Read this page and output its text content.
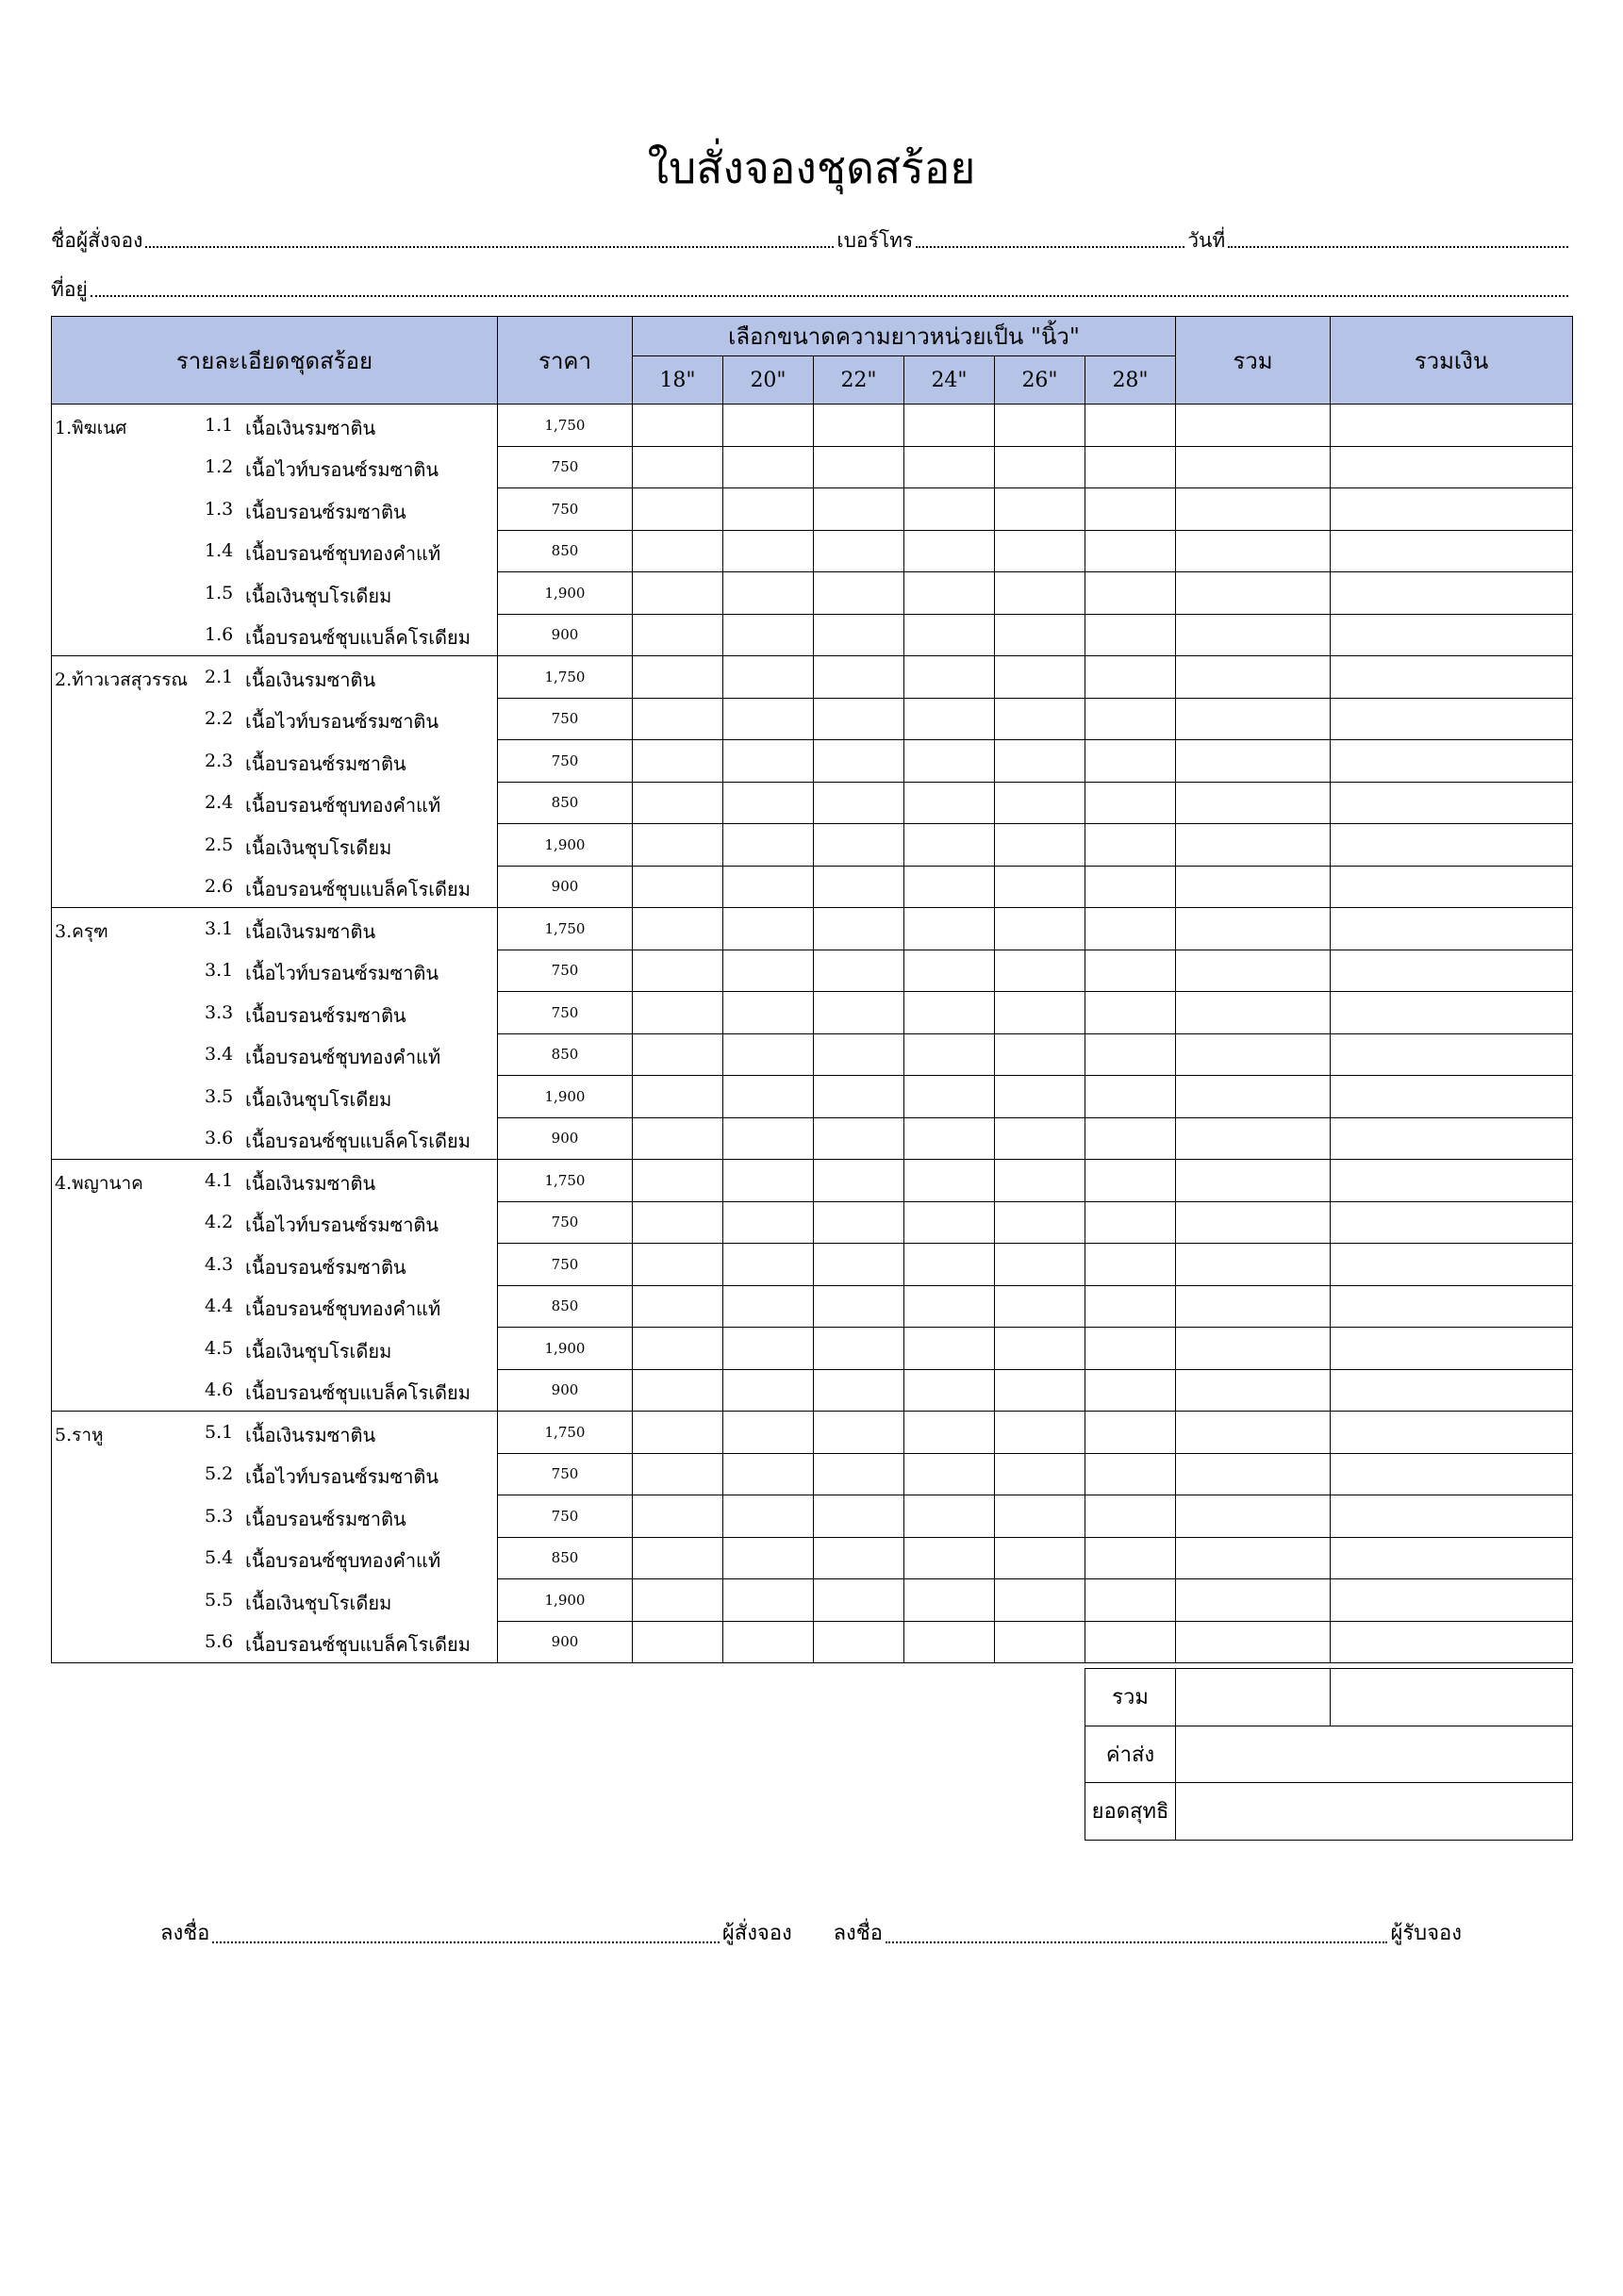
ใบสั่งจองชุดสร้อย
ชื่อผู้สั่งจอง	เบอร์โทร	วันที่
ที่อยู่
รายละเอียดชุดสร้อย	ราคา	เลือกขนาดความยาวหน่วยเป็น "นิ้ว"						รวม	รวมเงิน
		18"	20"	22"	24"	26"	28"		

1.พิฆเนศ 1.1 เนื้อเงินรมซาติน	1,750								

1.2 เนื้อไวท์บรอนซ์รมซาติน	750								

1.3 เนื้อบรอนซ์รมซาติน	750								

1.4 เนื้อบรอนซ์ชุบทองคำแท้	850								

1.5 เนื้อเงินชุบโรเดียม	1,900								

1.6 เนื้อบรอนซ์ชุบแบล็คโรเดียม	900								

2.ท้าวเวสสุวรรณ 2.1 เนื้อเงินรมซาติน	1,750								

2.2 เนื้อไวท์บรอนซ์รมซาติน	750								

2.3 เนื้อบรอนซ์รมซาติน	750								

2.4 เนื้อบรอนซ์ชุบทองคำแท้	850								

2.5 เนื้อเงินชุบโรเดียม	1,900								

2.6 เนื้อบรอนซ์ชุบแบล็คโรเดียม	900								

3.ครุฑ 3.1 เนื้อเงินรมซาติน	1,750								

3.1 เนื้อไวท์บรอนซ์รมซาติน	750								

3.3 เนื้อบรอนซ์รมซาติน	750								

3.4 เนื้อบรอนซ์ชุบทองคำแท้	850								

3.5 เนื้อเงินชุบโรเดียม	1,900								

3.6 เนื้อบรอนซ์ชุบแบล็คโรเดียม	900								

4.พญานาค 4.1 เนื้อเงินรมซาติน	1,750								

4.2 เนื้อไวท์บรอนซ์รมซาติน	750								

4.3 เนื้อบรอนซ์รมซาติน	750								

4.4 เนื้อบรอนซ์ชุบทองคำแท้	850								

4.5 เนื้อเงินชุบโรเดียม	1,900								

4.6 เนื้อบรอนซ์ชุบแบล็คโรเดียม	900								

5.ราหู 5.1 เนื้อเงินรมซาติน	1,750								

5.2 เนื้อไวท์บรอนซ์รมซาติน	750								

5.3 เนื้อบรอนซ์รมซาติน	750								

5.4 เนื้อบรอนซ์ชุบทองคำแท้	850								

5.5 เนื้อเงินชุบโรเดียม	1,900								

5.6 เนื้อบรอนซ์ชุบแบล็คโรเดียม	900								
รวม		
ค่าส่ง		
ยอดสุทธิ		
ลงชื่อ	ผู้สั่งจอง ลงชื่อ	ผู้รับจอง
